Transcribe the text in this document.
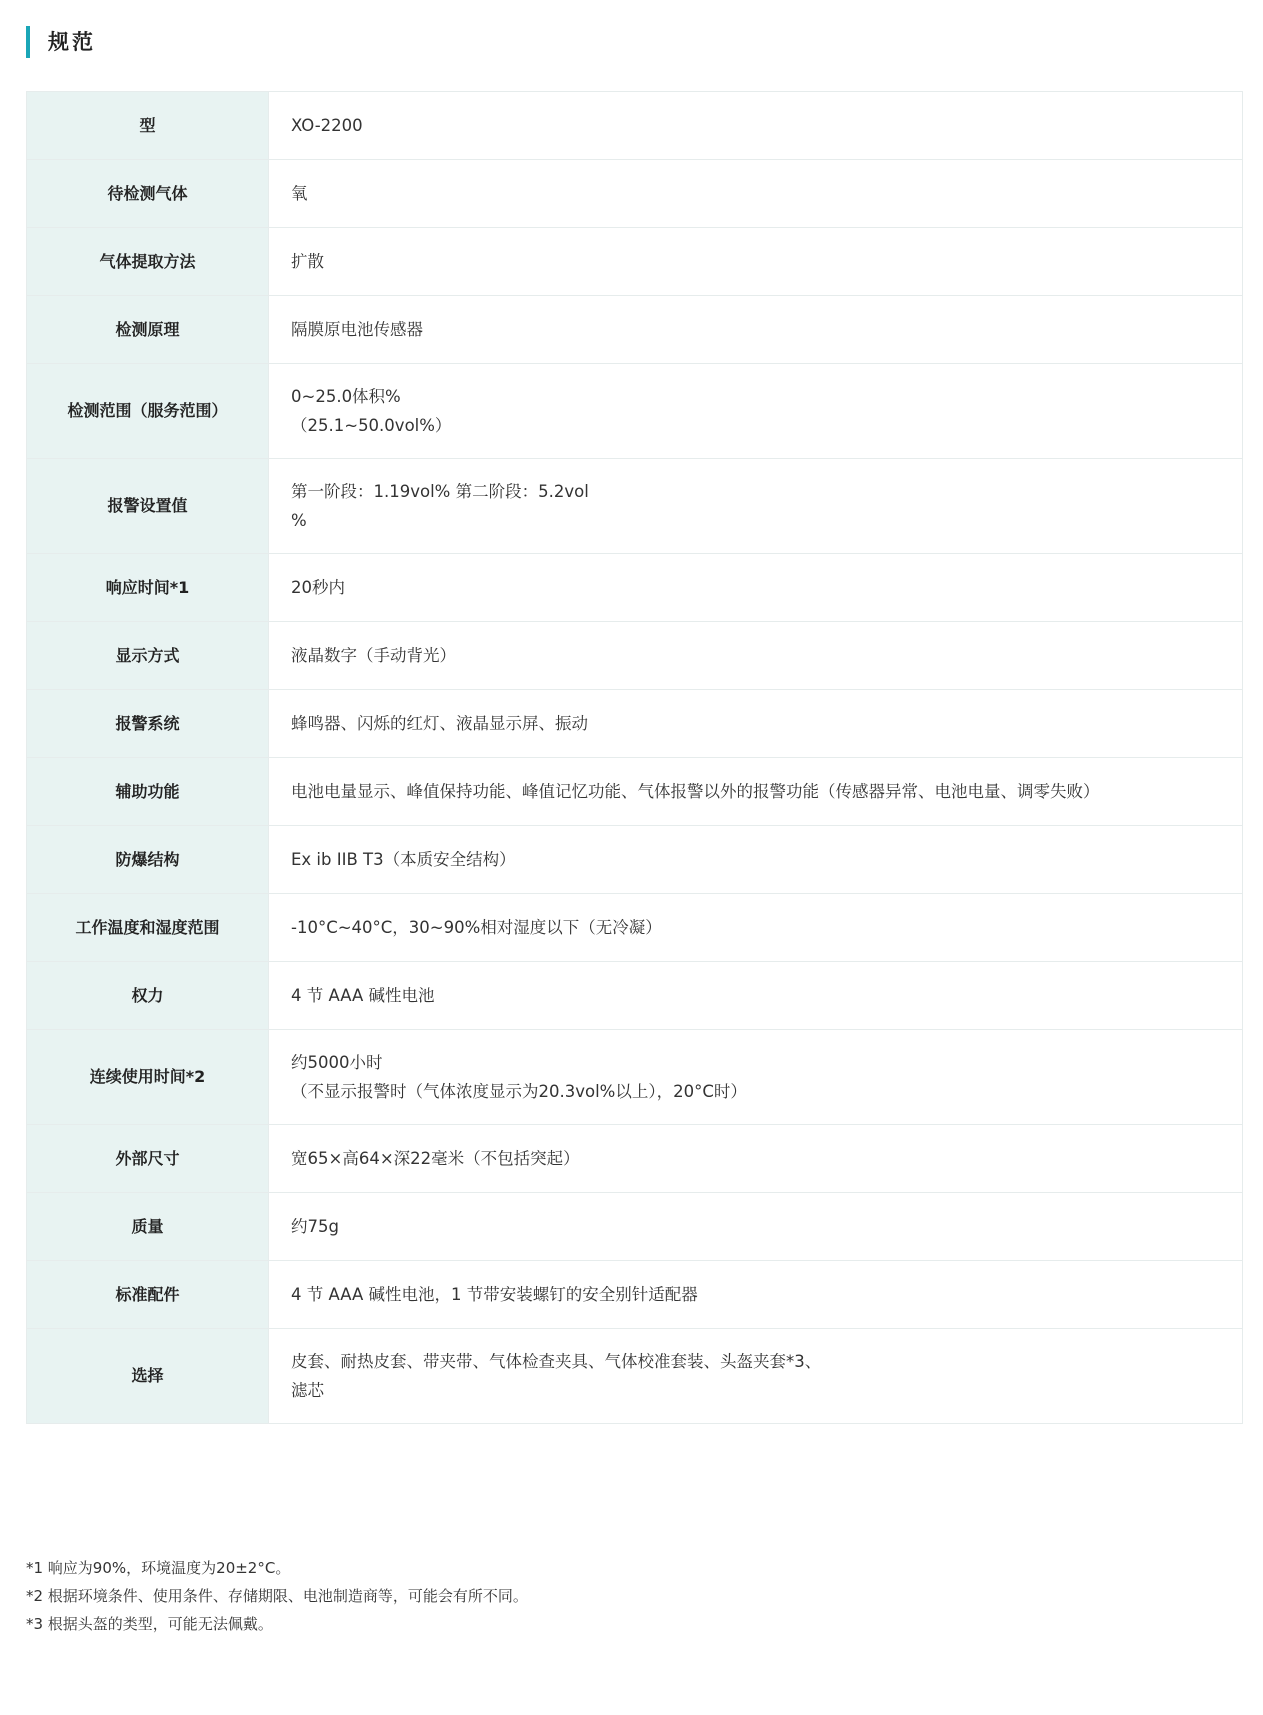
规范
型	XO-2200

待检测气体	氧

气体提取方法	扩散

检测原理	隔膜原电池传感器

检测范围（服务范围）	0~25.0体积%
（25.1~50.0vol%）

报警设置值	第一阶段：1.19vol% 第二阶段：5.2vol
%

响应时间*1	20秒内

显示方式	液晶数字（手动背光）

报警系统	蜂鸣器、闪烁的红灯、液晶显示屏、振动

辅助功能	电池电量显示、峰值保持功能、峰值记忆功能、气体报警以外的报警功能（传感器异常、电池电量、调零失败）

防爆结构	Ex ib IIB T3（本质安全结构）

工作温度和湿度范围	-10°C~40°C，30~90%相对湿度以下（无冷凝）

权力	4 节 AAA 碱性电池

连续使用时间*2	约5000小时
（不显示报警时（气体浓度显示为20.3vol%以上），20°C时）

外部尺寸	宽65×高64×深22毫米（不包括突起）

质量	约75g

标准配件	4 节 AAA 碱性电池，1 节带安装螺钉的安全别针适配器

选择	皮套、耐热皮套、带夹带、气体检查夹具、气体校准套装、头盔夹套*3、
滤芯
*1 响应为90%，环境温度为20±2°C。
*2 根据环境条件、使用条件、存储期限、电池制造商等，可能会有所不同。
*3 根据头盔的类型，可能无法佩戴。
